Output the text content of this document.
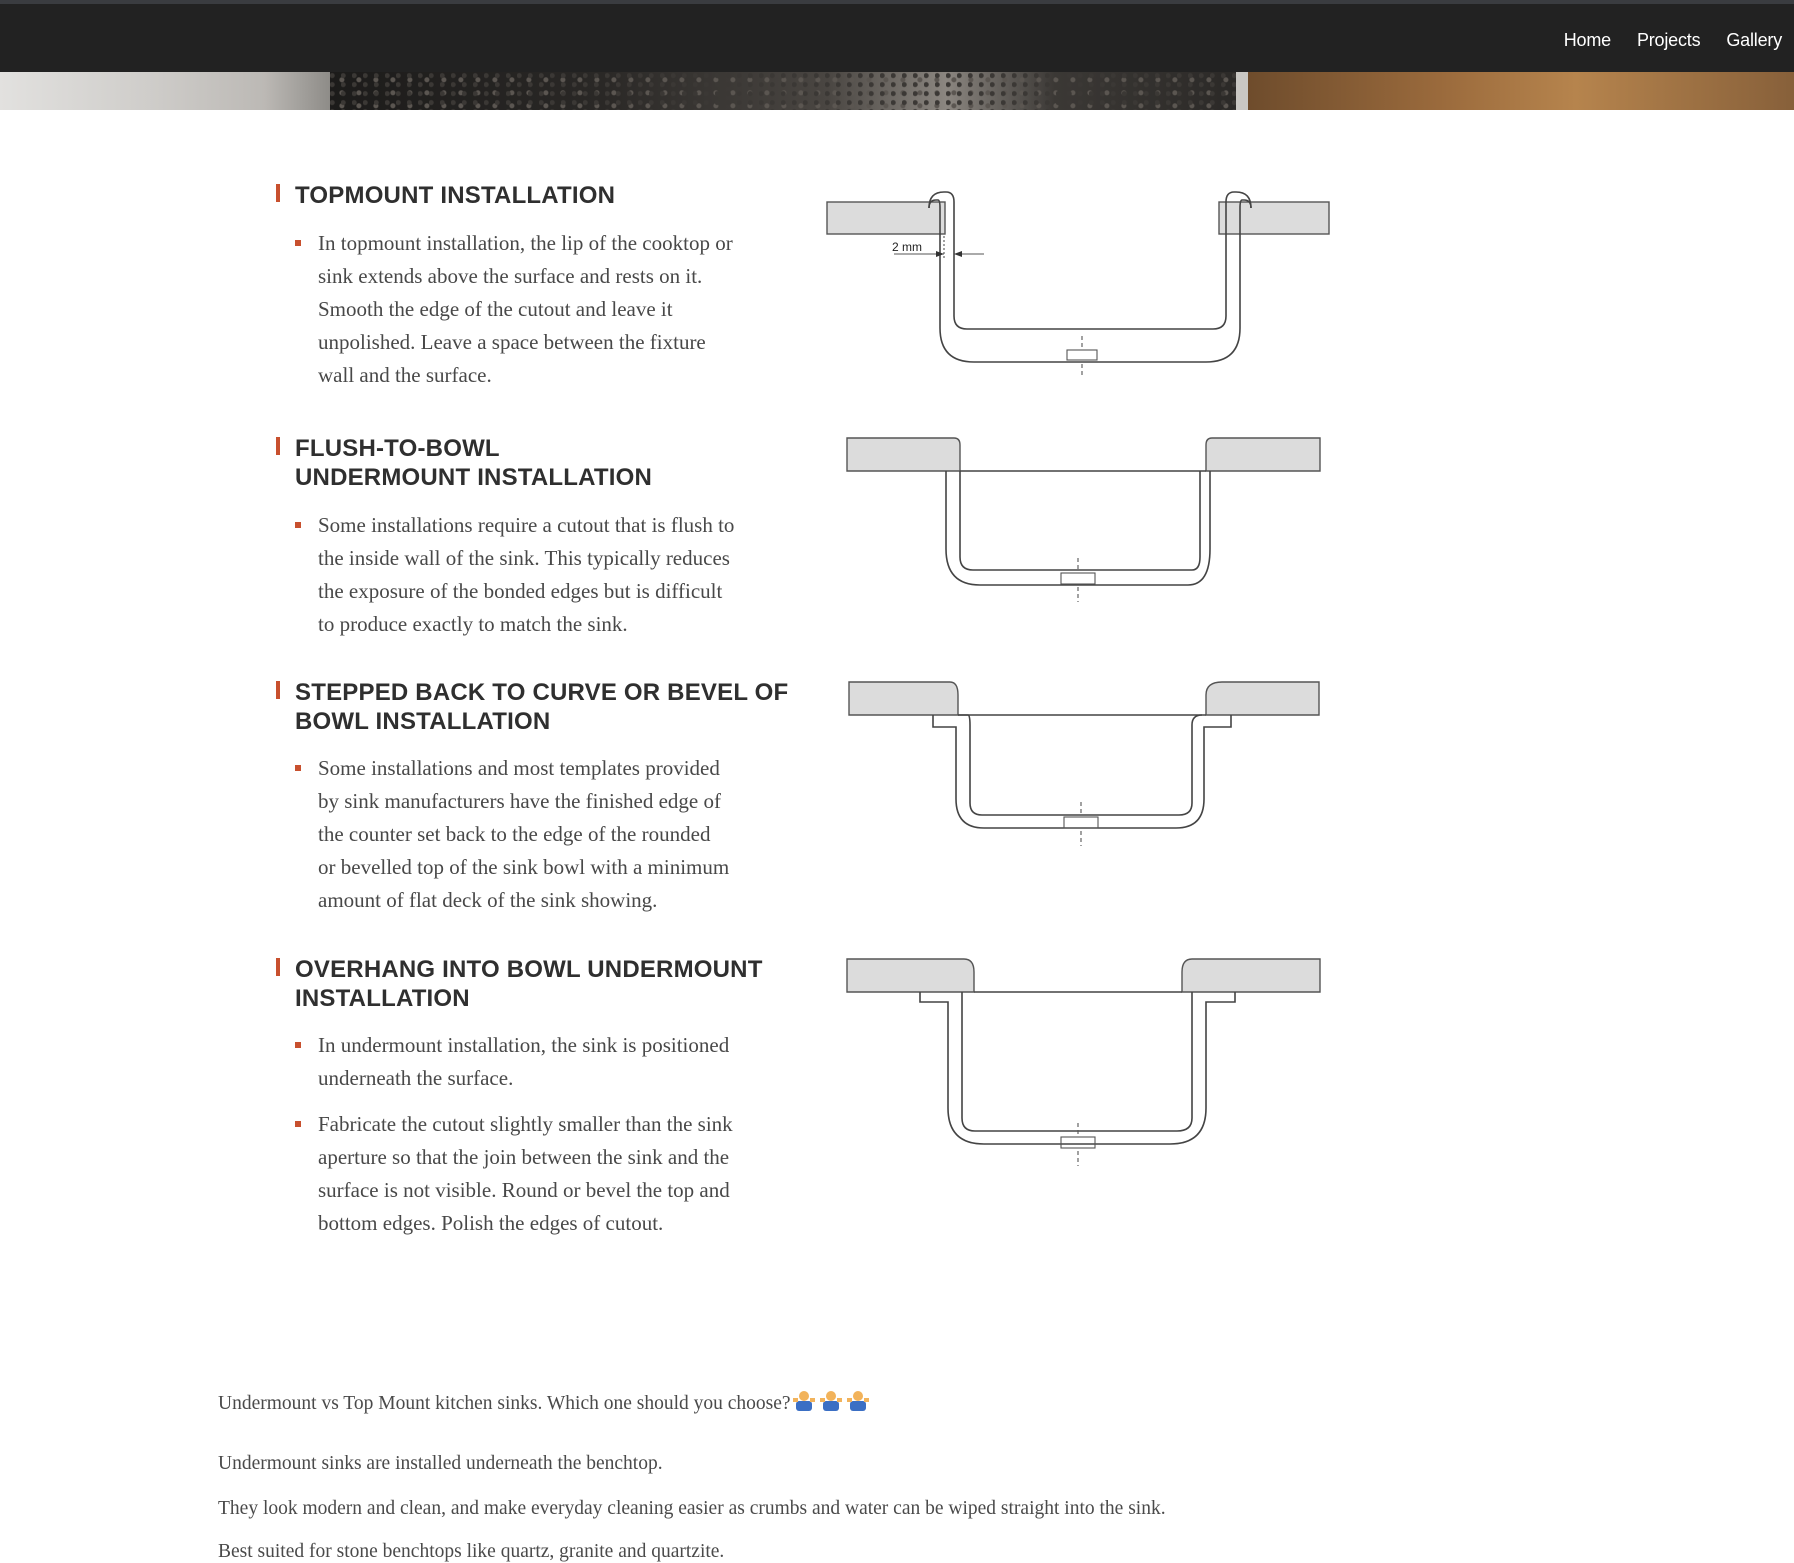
Home Projects Gallery
TOPMOUNT INSTALLATION

In topmount installation, the lip of the cooktop or
sink extends above the surface and rests on it.
Smooth the edge of the cutout and leave it
unpolished. Leave a space between the fixture
wall and the surface.

2 mm
FLUSH-TO-BOWL
UNDERMOUNT INSTALLATION

Some installations require a cutout that is flush to
the inside wall of the sink. This typically reduces
the exposure of the bonded edges but is difficult
to produce exactly to match the sink.

STEPPED BACK TO CURVE OR BEVEL OF
BOWL INSTALLATION

Some installations and most templates provided
by sink manufacturers have the finished edge of
the counter set back to the edge of the rounded
or bevelled top of the sink bowl with a minimum
amount of flat deck of the sink showing.

OVERHANG INTO BOWL UNDERMOUNT
INSTALLATION

In undermount installation, the sink is positioned
underneath the surface.

Fabricate the cutout slightly smaller than the sink
aperture so that the join between the sink and the
surface is not visible. Round or bevel the top and
bottom edges. Polish the edges of cutout.

Undermount vs Top Mount kitchen sinks. Which one should you choose?

Undermount sinks are installed underneath the benchtop.

They look modern and clean, and make everyday cleaning easier as crumbs and water can be wiped straight into the sink.

Best suited for stone benchtops like quartz, granite and quartzite.
